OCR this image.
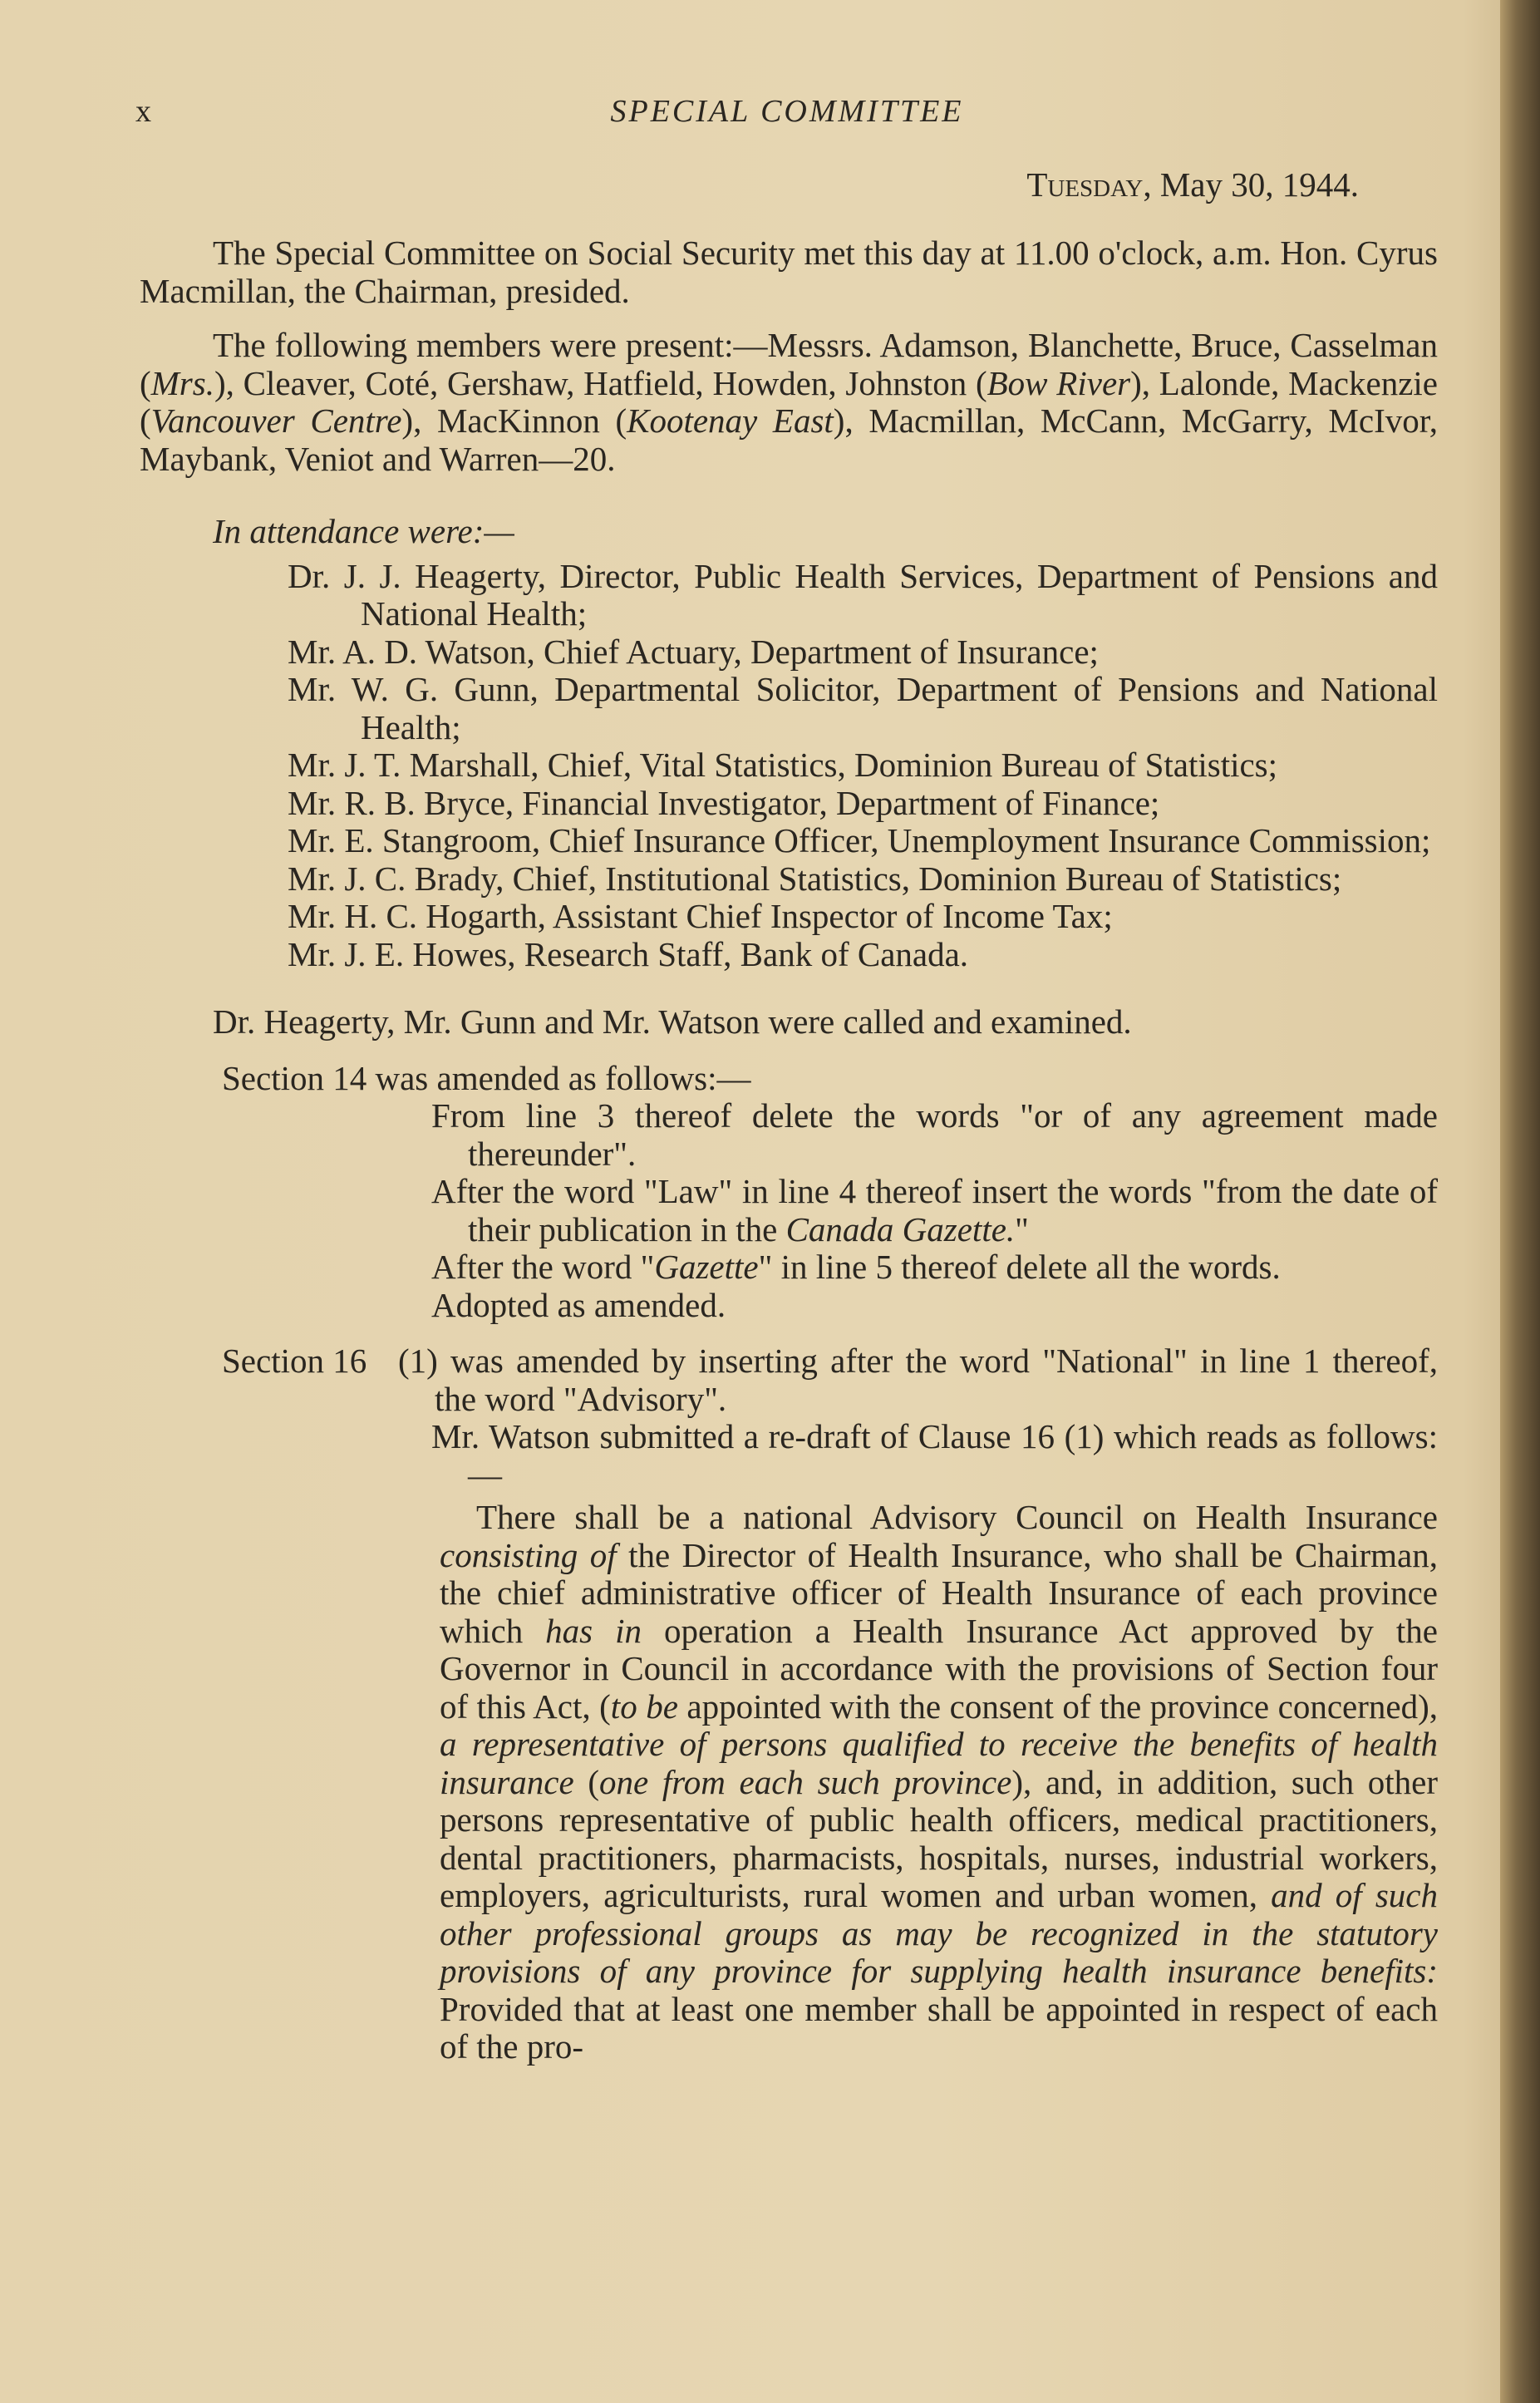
x	SPECIAL COMMITTEE
Tuesday, May 30, 1944.

The Special Committee on Social Security met this day at 11.00 o'clock, a.m. Hon. Cyrus Macmillan, the Chairman, presided.

The following members were present:—Messrs. Adamson, Blanchette, Bruce, Casselman (Mrs.), Cleaver, Coté, Gershaw, Hatfield, Howden, Johnston (Bow River), Lalonde, Mackenzie (Vancouver Centre), MacKinnon (Kootenay East), Macmillan, McCann, McGarry, McIvor, Maybank, Veniot and Warren—20.

In attendance were:—

Dr. J. J. Heagerty, Director, Public Health Services, Department of Pensions and National Health;
Mr. A. D. Watson, Chief Actuary, Department of Insurance;
Mr. W. G. Gunn, Departmental Solicitor, Department of Pensions and National Health;
Mr. J. T. Marshall, Chief, Vital Statistics, Dominion Bureau of Statistics;
Mr. R. B. Bryce, Financial Investigator, Department of Finance;
Mr. E. Stangroom, Chief Insurance Officer, Unemployment Insurance Commission;
Mr. J. C. Brady, Chief, Institutional Statistics, Dominion Bureau of Statistics;
Mr. H. C. Hogarth, Assistant Chief Inspector of Income Tax;
Mr. J. E. Howes, Research Staff, Bank of Canada.

Dr. Heagerty, Mr. Gunn and Mr. Watson were called and examined.

Section 14 was amended as follows:—

From line 3 thereof delete the words "or of any agreement made thereunder".

After the word "Law" in line 4 thereof insert the words "from the date of their publication in the Canada Gazette."

After the word "Gazette" in line 5 thereof delete all the words.

Adopted as amended.

Section 16 (1) was amended by inserting after the word "National" in line 1 thereof, the word "Advisory".

Mr. Watson submitted a re-draft of Clause 16 (1) which reads as follows:—

There shall be a national Advisory Council on Health Insurance consisting of the Director of Health Insurance, who shall be Chairman, the chief administrative officer of Health Insurance of each province which has in operation a Health Insurance Act approved by the Governor in Council in accordance with the provisions of Section four of this Act, (to be appointed with the consent of the province concerned), a representative of persons qualified to receive the benefits of health insurance (one from each such province), and, in addition, such other persons representative of public health officers, medical practitioners, dental practitioners, pharmacists, hospitals, nurses, industrial workers, employers, agriculturists, rural women and urban women, and of such other professional groups as may be recognized in the statutory provisions of any province for supplying health insurance benefits: Provided that at least one member shall be appointed in respect of each of the pro-
